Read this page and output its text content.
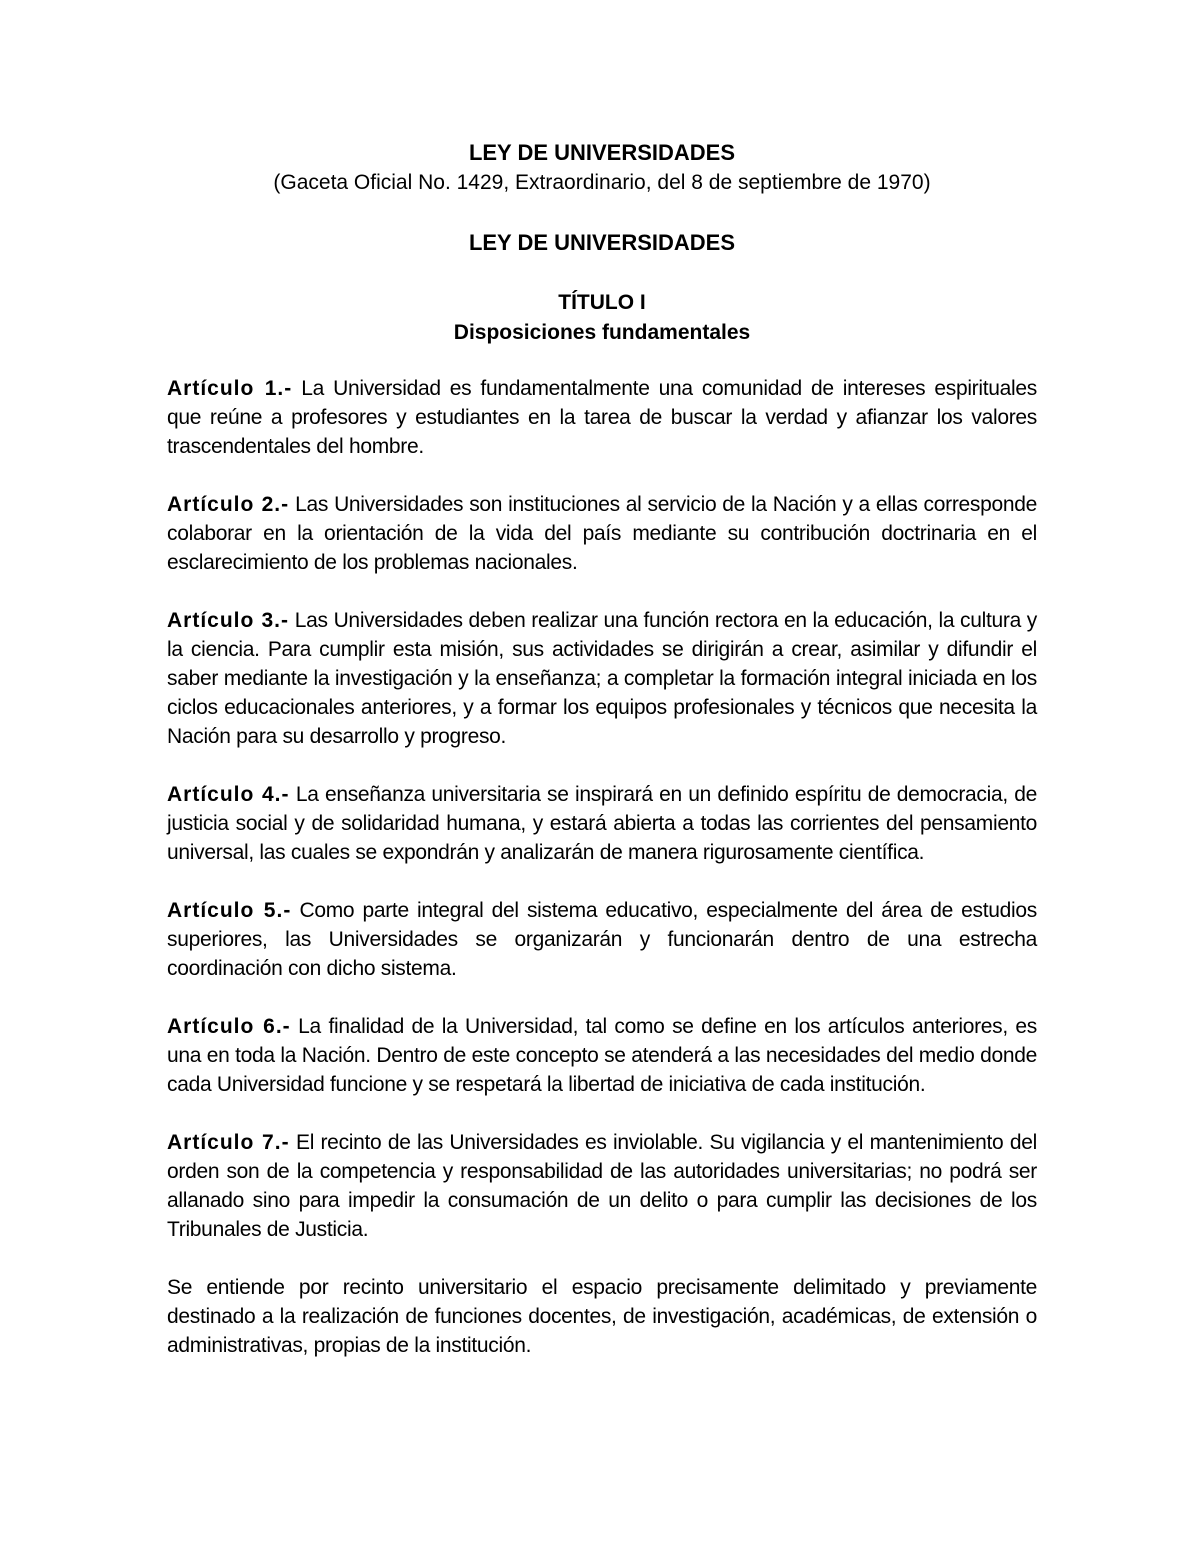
LEY DE UNIVERSIDADES

(Gaceta Oficial No. 1429, Extraordinario, del 8 de septiembre de 1970)

LEY DE UNIVERSIDADES

TÍTULO I

Disposiciones fundamentales

Artículo 1.- La Universidad es fundamentalmente una comunidad de intereses espirituales que reúne a profesores y estudiantes en la tarea de buscar la verdad y afianzar los valores trascendentales del hombre.

Artículo 2.- Las Universidades son instituciones al servicio de la Nación y a ellas corresponde colaborar en la orientación de la vida del país mediante su contribución doctrinaria en el esclarecimiento de los problemas nacionales.

Artículo 3.- Las Universidades deben realizar una función rectora en la educación, la cultura y la ciencia. Para cumplir esta misión, sus actividades se dirigirán a crear, asimilar y difundir el saber mediante la investigación y la enseñanza; a completar la formación integral iniciada en los ciclos educacionales anteriores, y a formar los equipos profesionales y técnicos que necesita la Nación para su desarrollo y progreso.

Artículo 4.- La enseñanza universitaria se inspirará en un definido espíritu de democracia, de justicia social y de solidaridad humana, y estará abierta a todas las corrientes del pensamiento universal, las cuales se expondrán y analizarán de manera rigurosamente científica.

Artículo 5.- Como parte integral del sistema educativo, especialmente del área de estudios superiores, las Universidades se organizarán y funcionarán dentro de una estrecha coordinación con dicho sistema.

Artículo 6.- La finalidad de la Universidad, tal como se define en los artículos anteriores, es una en toda la Nación. Dentro de este concepto se atenderá a las necesidades del medio donde cada Universidad funcione y se respetará la libertad de iniciativa de cada institución.

Artículo 7.- El recinto de las Universidades es inviolable. Su vigilancia y el mantenimiento del orden son de la competencia y responsabilidad de las autoridades universitarias; no podrá ser allanado sino para impedir la consumación de un delito o para cumplir las decisiones de los Tribunales de Justicia.

Se entiende por recinto universitario el espacio precisamente delimitado y previamente destinado a la realización de funciones docentes, de investigación, académicas, de extensión o administrativas, propias de la institución.
